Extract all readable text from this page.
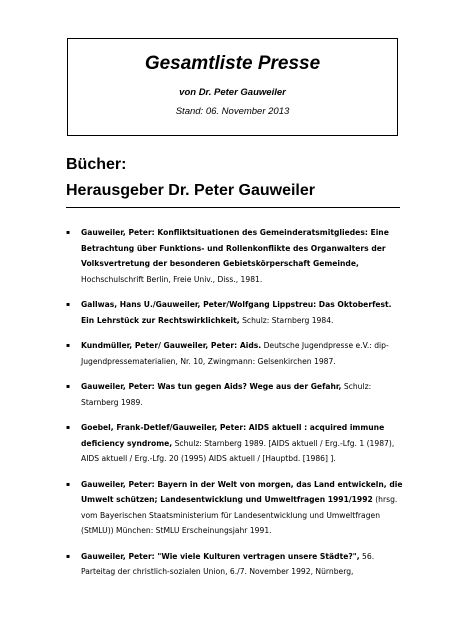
Gesamtliste Presse
von Dr. Peter Gauweiler
Stand: 06. November 2013
Bücher:
Herausgeber Dr. Peter Gauweiler
▪ Gauweiler, Peter: Konfliktsituationen des Gemeinderatsmitgliedes: Eine Betrachtung über Funktions- und Rollenkonflikte des Organwalters der Volksvertretung der besonderen Gebietskörperschaft Gemeinde, Hochschulschrift Berlin, Freie Univ., Diss., 1981.
▪ Gallwas, Hans U./Gauweiler, Peter/Wolfgang Lippstreu: Das Oktoberfest. Ein Lehrstück zur Rechtswirklichkeit, Schulz: Starnberg 1984.
▪ Kundmüller, Peter/ Gauweiler, Peter: Aids. Deutsche Jugendpresse e.V.: dip-Jugendpressematerialien, Nr. 10, Zwingmann: Gelsenkirchen 1987.
▪ Gauweiler, Peter: Was tun gegen Aids? Wege aus der Gefahr, Schulz: Starnberg 1989.
▪ Goebel, Frank-Detlef/Gauweiler, Peter: AIDS aktuell : acquired immune deficiency syndrome, Schulz: Starnberg 1989. [AIDS aktuell / Erg.-Lfg. 1 (1987), AIDS aktuell / Erg.-Lfg. 20 (1995) AIDS aktuell / [Hauptbd. [1986] ].
▪ Gauweiler, Peter: Bayern in der Welt von morgen, das Land entwickeln, die Umwelt schützen; Landesentwicklung und Umweltfragen 1991/1992 (hrsg. vom Bayerischen Staatsministerium für Landesentwicklung und Umweltfragen (StMLU)) München: StMLU Erscheinungsjahr 1991.
▪ Gauweiler, Peter: "Wie viele Kulturen vertragen unsere Städte?", 56. Parteitag der christlich-sozialen Union, 6./7. November 1992, Nürnberg,
